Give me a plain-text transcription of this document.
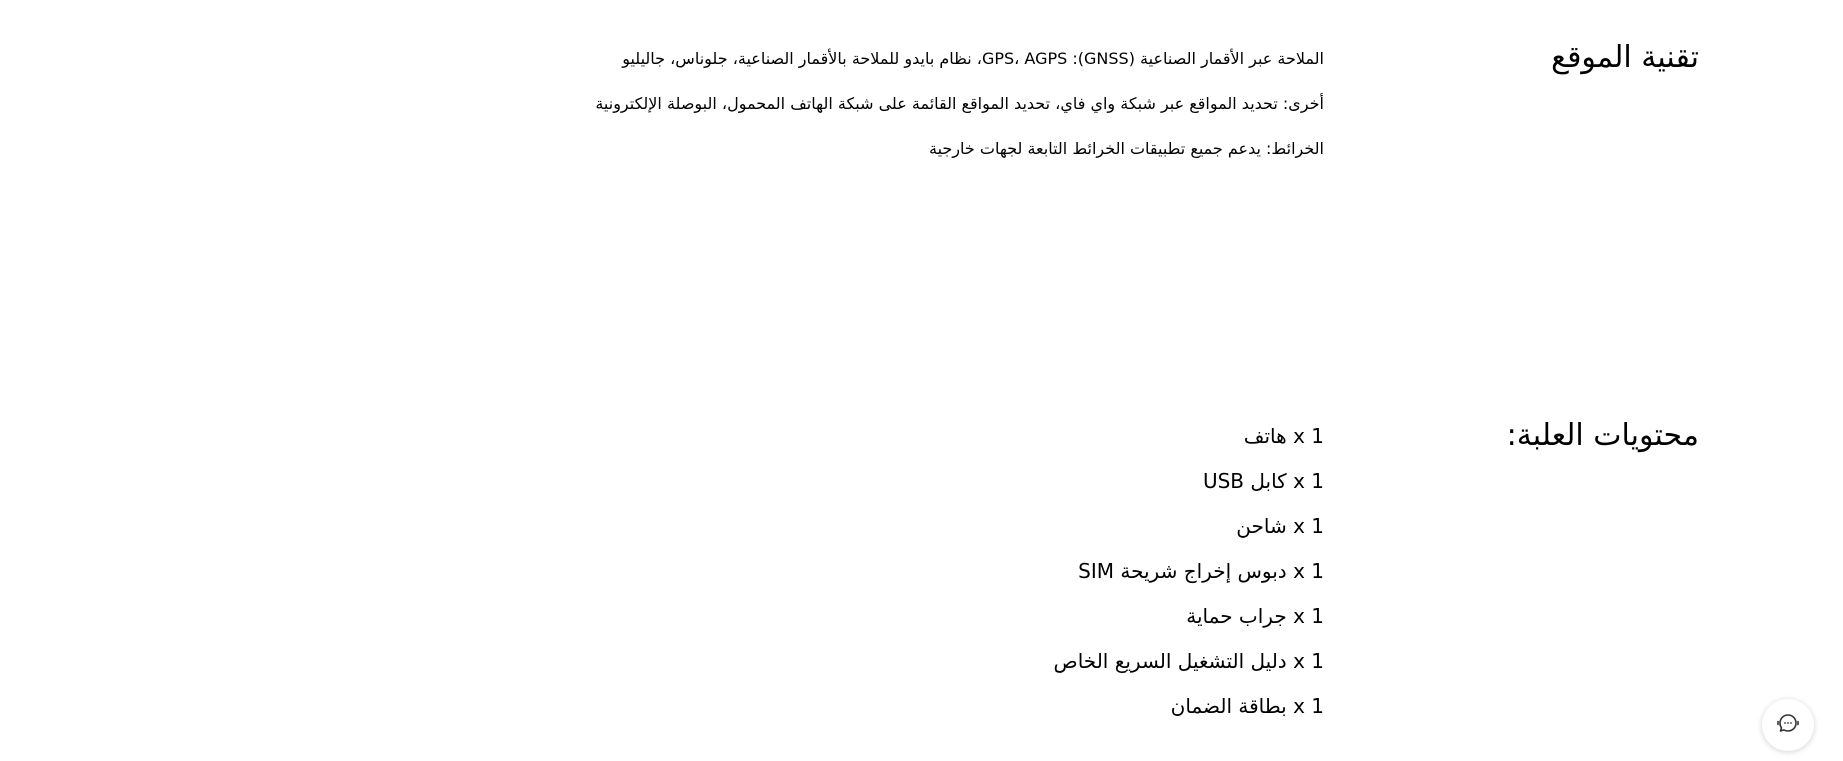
تقنية الموقع
الملاحة عبر الأقمار الصناعية (GNSS): GPS، AGPS، نظام بايدو للملاحة بالأقمار الصناعية، جلوناس، جاليليو
أخرى: تحديد المواقع عبر شبكة واي فاي، تحديد المواقع القائمة على شبكة الهاتف المحمول، البوصلة الإلكترونية
الخرائط: يدعم جميع تطبيقات الخرائط التابعة لجهات خارجية
محتويات العلبة:
1 x هاتف
1 x كابل USB
1 x شاحن
1 x دبوس إخراج شريحة SIM
1 x جراب حماية
1 x دليل التشغيل السريع الخاص
1 x بطاقة الضمان
